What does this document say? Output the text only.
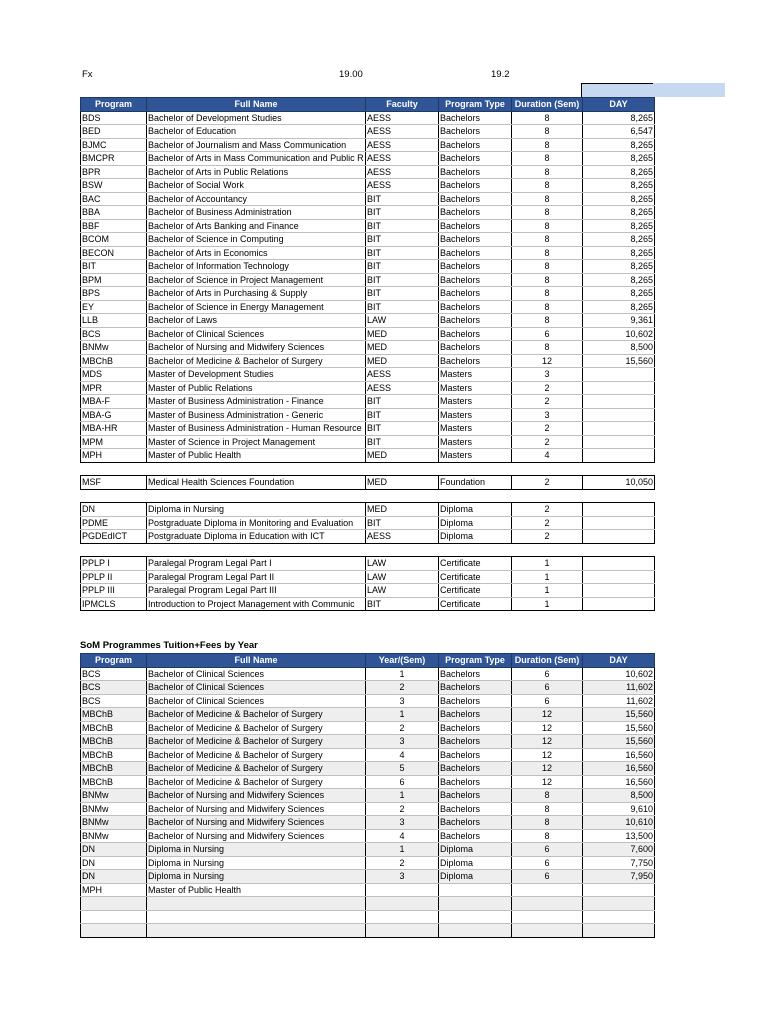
Fx	19.00	19.2
Program	Full Name	Faculty	Program Type	Duration (Sem)	DAY
BDS	Bachelor of Development Studies	AESS	Bachelors	8	8,265
BED	Bachelor of Education	AESS	Bachelors	8	6,547
BJMC	Bachelor of Journalism and Mass Communication	AESS	Bachelors	8	8,265
BMCPR	Bachelor of Arts in Mass Communication and Public R	AESS	Bachelors	8	8,265
BPR	Bachelor of Arts in Public Relations	AESS	Bachelors	8	8,265
BSW	Bachelor of Social Work	AESS	Bachelors	8	8,265
BAC	Bachelor of Accountancy	BIT	Bachelors	8	8,265
BBA	Bachelor of Business Administration	BIT	Bachelors	8	8,265
BBF	Bachelor of Arts Banking and Finance	BIT	Bachelors	8	8,265
BCOM	Bachelor of Science in Computing	BIT	Bachelors	8	8,265
BECON	Bachelor of Arts in Economics	BIT	Bachelors	8	8,265
BIT	Bachelor of Information Technology	BIT	Bachelors	8	8,265
BPM	Bachelor of Science in Project Management	BIT	Bachelors	8	8,265
BPS	Bachelor of Arts in Purchasing & Supply	BIT	Bachelors	8	8,265
EY	Bachelor of Science in Energy Management	BIT	Bachelors	8	8,265
LLB	Bachelor of Laws	LAW	Bachelors	8	9,361
BCS	Bachelor of Clinical Sciences	MED	Bachelors	6	10,602
BNMw	Bachelor of Nursing and Midwifery Sciences	MED	Bachelors	8	8,500
MBChB	Bachelor of Medicine & Bachelor of Surgery	MED	Bachelors	12	15,560
MDS	Master of Development Studies	AESS	Masters	3	
MPR	Master of Public Relations	AESS	Masters	2	
MBA-F	Master of Business Administration - Finance	BIT	Masters	2	
MBA-G	Master of Business Administration - Generic	BIT	Masters	3	
MBA-HR	Master of Business Administration - Human Resource	BIT	Masters	2	
MPM	Master of Science in Project Management	BIT	Masters	2	
MPH	Master of Public Health	MED	Masters	4	

MSF	Medical Health Sciences Foundation	MED	Foundation	2	10,050

DN	Diploma in Nursing	MED	Diploma	2	
PDME	Postgraduate Diploma in Monitoring and Evaluation	BIT	Diploma	2	
PGDEdICT	Postgraduate Diploma in Education with ICT	AESS	Diploma	2	

PPLP I	Paralegal Program Legal Part I	LAW	Certificate	1	
PPLP II	Paralegal Program Legal Part II	LAW	Certificate	1	
PPLP III	Paralegal Program Legal Part III	LAW	Certificate	1	
IPMCLS	Introduction to Project Management with Communic	BIT	Certificate	1	
SoM Programmes Tuition+Fees by Year
Program	Full Name	Year/(Sem)	Program Type	Duration (Sem)	DAY
BCS	Bachelor of Clinical Sciences	1	Bachelors	6	10,602
BCS	Bachelor of Clinical Sciences	2	Bachelors	6	11,602
BCS	Bachelor of Clinical Sciences	3	Bachelors	6	11,602
MBChB	Bachelor of Medicine & Bachelor of Surgery	1	Bachelors	12	15,560
MBChB	Bachelor of Medicine & Bachelor of Surgery	2	Bachelors	12	15,560
MBChB	Bachelor of Medicine & Bachelor of Surgery	3	Bachelors	12	15,560
MBChB	Bachelor of Medicine & Bachelor of Surgery	4	Bachelors	12	16,560
MBChB	Bachelor of Medicine & Bachelor of Surgery	5	Bachelors	12	16,560
MBChB	Bachelor of Medicine & Bachelor of Surgery	6	Bachelors	12	16,560
BNMw	Bachelor of Nursing and Midwifery Sciences	1	Bachelors	8	8,500
BNMw	Bachelor of Nursing and Midwifery Sciences	2	Bachelors	8	9,610
BNMw	Bachelor of Nursing and Midwifery Sciences	3	Bachelors	8	10,610
BNMw	Bachelor of Nursing and Midwifery Sciences	4	Bachelors	8	13,500
DN	Diploma in Nursing	1	Diploma	6	7,600
DN	Diploma in Nursing	2	Diploma	6	7,750
DN	Diploma in Nursing	3	Diploma	6	7,950
MPH	Master of Public Health				
